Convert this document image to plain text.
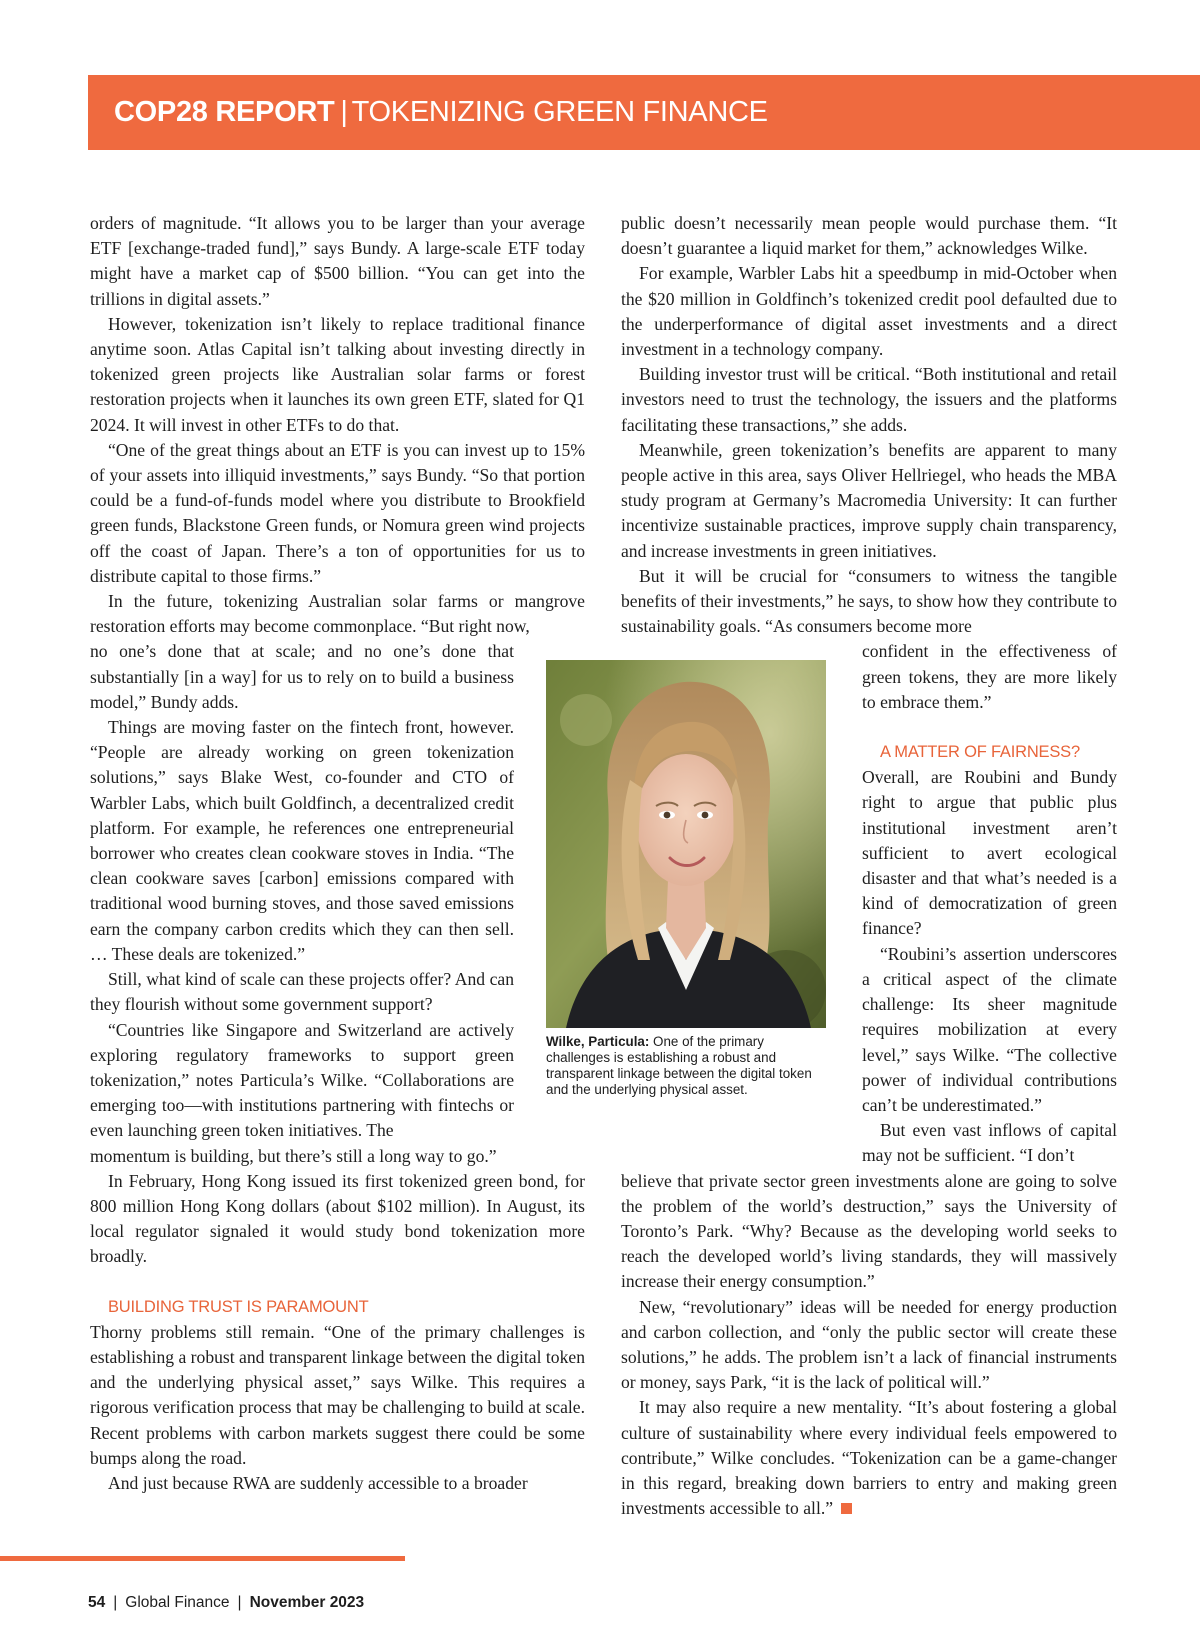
COP28 REPORT | TOKENIZING GREEN FINANCE

orders of magnitude. “It allows you to be larger than your average ETF [exchange-traded fund],” says Bundy. A large-scale ETF today might have a market cap of $500 billion. “You can get into the trillions in digital assets.”

However, tokenization isn’t likely to replace traditional finance anytime soon. Atlas Capital isn’t talking about investing directly in tokenized green projects like Australian solar farms or forest restoration projects when it launches its own green ETF, slated for Q1 2024. It will invest in other ETFs to do that.

“One of the great things about an ETF is you can invest up to 15% of your assets into illiquid investments,” says Bundy. “So that portion could be a fund-of-funds model where you distribute to Brookfield green funds, Blackstone Green funds, or Nomura green wind projects off the coast of Japan. There’s a ton of opportunities for us to distribute capital to those firms.”

In the future, tokenizing Australian solar farms or mangrove restoration efforts may become commonplace. “But right now,

no one’s done that at scale; and no one’s done that substantially [in a way] for us to rely on to build a business model,” Bundy adds.

Things are moving faster on the fintech front, however. “People are already working on green tokenization solutions,” says Blake West, co-founder and CTO of Warbler Labs, which built Goldfinch, a decentralized credit platform. For example, he references one entrepreneurial borrower who creates clean cookware stoves in India. “The clean cookware saves [carbon] emissions compared with traditional wood burning stoves, and those saved emissions earn the company carbon credits which they can then sell. … These deals are tokenized.”

Still, what kind of scale can these projects offer? And can they flourish without some government support?

“Countries like Singapore and Switzerland are actively exploring regulatory frameworks to support green tokenization,” notes Particula’s Wilke. “Collaborations are emerging too—with institutions partnering with fintechs or even launching green token initiatives. The

momentum is building, but there’s still a long way to go.”

In February, Hong Kong issued its first tokenized green bond, for 800 million Hong Kong dollars (about $102 million). In August, its local regulator signaled it would study bond tokenization more broadly.

BUILDING TRUST IS PARAMOUNT

Thorny problems still remain. “One of the primary challenges is establishing a robust and transparent linkage between the digital token and the underlying physical asset,” says Wilke. This requires a rigorous verification process that may be challenging to build at scale. Recent problems with carbon markets suggest there could be some bumps along the road.

And just because RWA are suddenly accessible to a broader

public doesn’t necessarily mean people would purchase them. “It doesn’t guarantee a liquid market for them,” acknowledges Wilke.

For example, Warbler Labs hit a speedbump in mid-October when the $20 million in Goldfinch’s tokenized credit pool defaulted due to the underperformance of digital asset investments and a direct investment in a technology company.

Building investor trust will be critical. “Both institutional and retail investors need to trust the technology, the issuers and the platforms facilitating these transactions,” she adds.

Meanwhile, green tokenization’s benefits are apparent to many people active in this area, says Oliver Hellriegel, who heads the MBA study program at Germany’s Macromedia University: It can further incentivize sustainable practices, improve supply chain transparency, and increase investments in green initiatives.

But it will be crucial for “consumers to witness the tangible benefits of their investments,” he says, to show how they contribute to sustainability goals. “As consumers become more

confident in the effectiveness of green tokens, they are more likely to embrace them.”

A MATTER OF FAIRNESS?

Overall, are Roubini and Bundy right to argue that public plus institutional investment aren’t sufficient to avert ecological disaster and that what’s needed is a kind of democratization of green finance?

“Roubini’s assertion underscores a critical aspect of the climate challenge: Its sheer magnitude requires mobilization at every level,” says Wilke. “The collective power of individual contributions can’t be underestimated.”

But even vast inflows of capital may not be sufficient. “I don’t

believe that private sector green investments alone are going to solve the problem of the world’s destruction,” says the University of Toronto’s Park. “Why? Because as the developing world seeks to reach the developed world’s living standards, they will massively increase their energy consumption.”

New, “revolutionary” ideas will be needed for energy production and carbon collection, and “only the public sector will create these solutions,” he adds. The problem isn’t a lack of financial instruments or money, says Park, “it is the lack of political will.”

It may also require a new mentality. “It’s about fostering a global culture of sustainability where every individual feels empowered to contribute,” Wilke concludes. “Tokenization can be a game-changer in this regard, breaking down barriers to entry and making green investments accessible to all.”

Wilke, Particula: One of the primary challenges is establishing a robust and transparent linkage between the digital token and the underlying physical asset.
54 | Global Finance | November 2023
